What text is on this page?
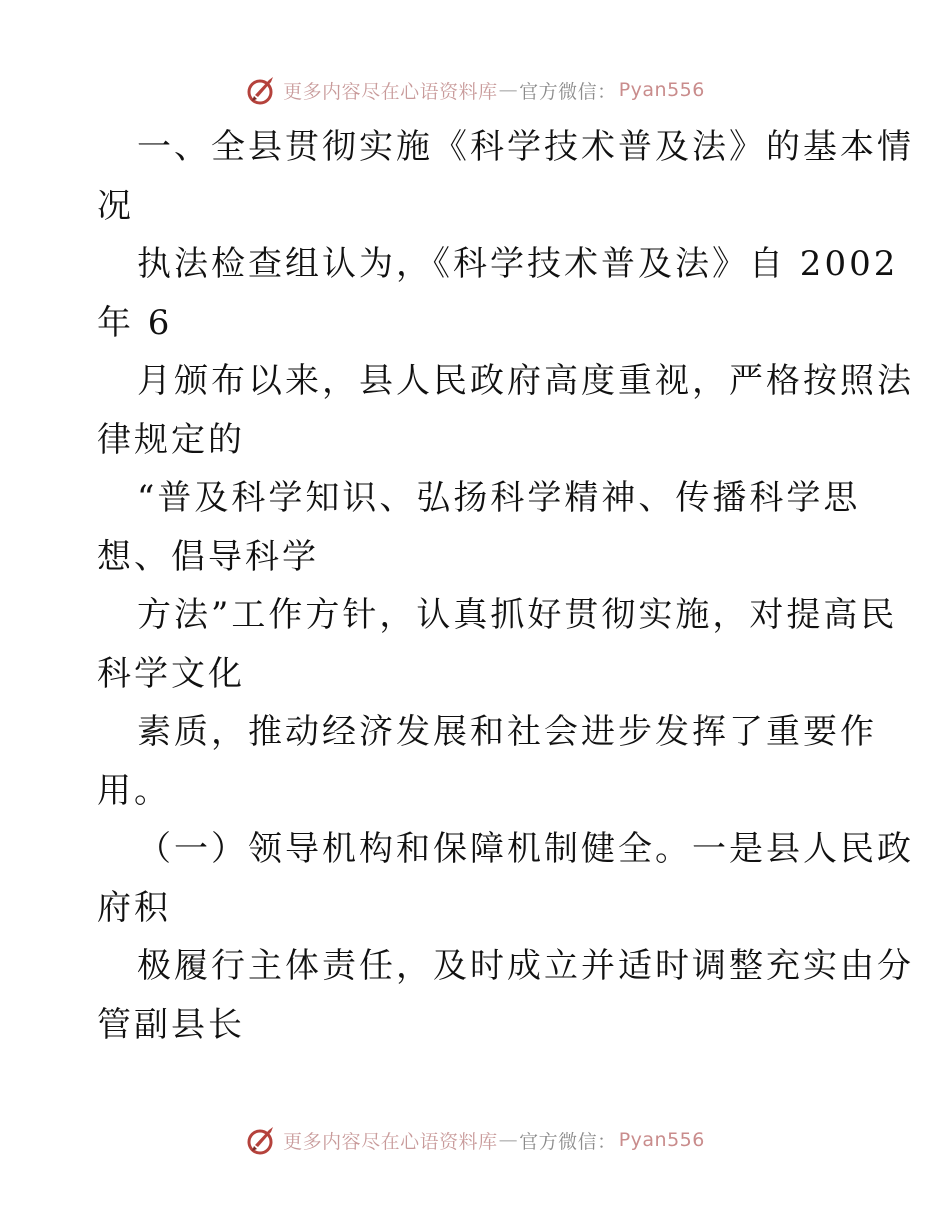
更多内容尽在心语资料库 — 官方微信： Pyan556
一、全县贯彻实施《科学技术普及法》的基本情
况
执法检查组认为，《科学技术普及法》自 2002
年 6
月颁布以来，县人民政府高度重视，严格按照法
律规定的
“普及科学知识、弘扬科学精神、传播科学思
想、倡导科学
方法”工作方针，认真抓好贯彻实施，对提高民
科学文化
素质，推动经济发展和社会进步发挥了重要作
用。
（一）领导机构和保障机制健全。一是县人民政
府积
极履行主体责任，及时成立并适时调整充实由分
管副县长
更多内容尽在心语资料库 — 官方微信： Pyan556
